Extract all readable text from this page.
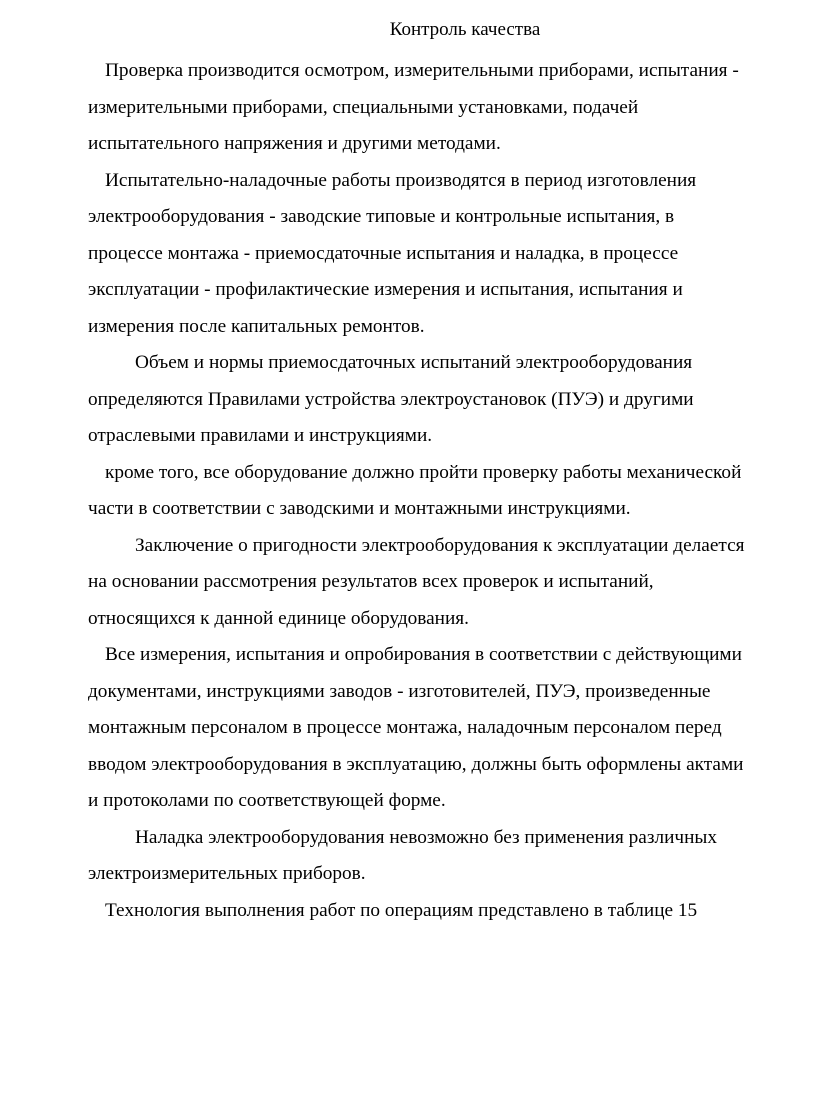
Контроль качества

Проверка производится осмотром, измерительными приборами, испытания -
измерительными приборами, специальными установками, подачей
испытательного напряжения и другими методами.

Испытательно-наладочные работы производятся в период изготовления
электрооборудования - заводские типовые и контрольные испытания, в
процессе монтажа - приемосдаточные испытания и наладка, в процессе
эксплуатации - профилактические измерения и испытания, испытания и
измерения после капитальных ремонтов.

Объем и нормы приемосдаточных испытаний электрооборудования
определяются Правилами устройства электроустановок (ПУЭ) и другими
отраслевыми правилами и инструкциями.

кроме того, все оборудование должно пройти проверку работы механической
части в соответствии с заводскими и монтажными инструкциями.

Заключение о пригодности электрооборудования к эксплуатации делается
на основании рассмотрения результатов всех проверок и испытаний,
относящихся к данной единице оборудования.

Все измерения, испытания и опробирования в соответствии с действующими
документами, инструкциями заводов - изготовителей, ПУЭ, произведенные
монтажным персоналом в процессе монтажа, наладочным персоналом перед
вводом электрооборудования в эксплуатацию, должны быть оформлены актами
и протоколами по соответствующей форме.

Наладка электрооборудования невозможно без применения различных
электроизмерительных приборов.

Технология выполнения работ по операциям представлено в таблице 15
